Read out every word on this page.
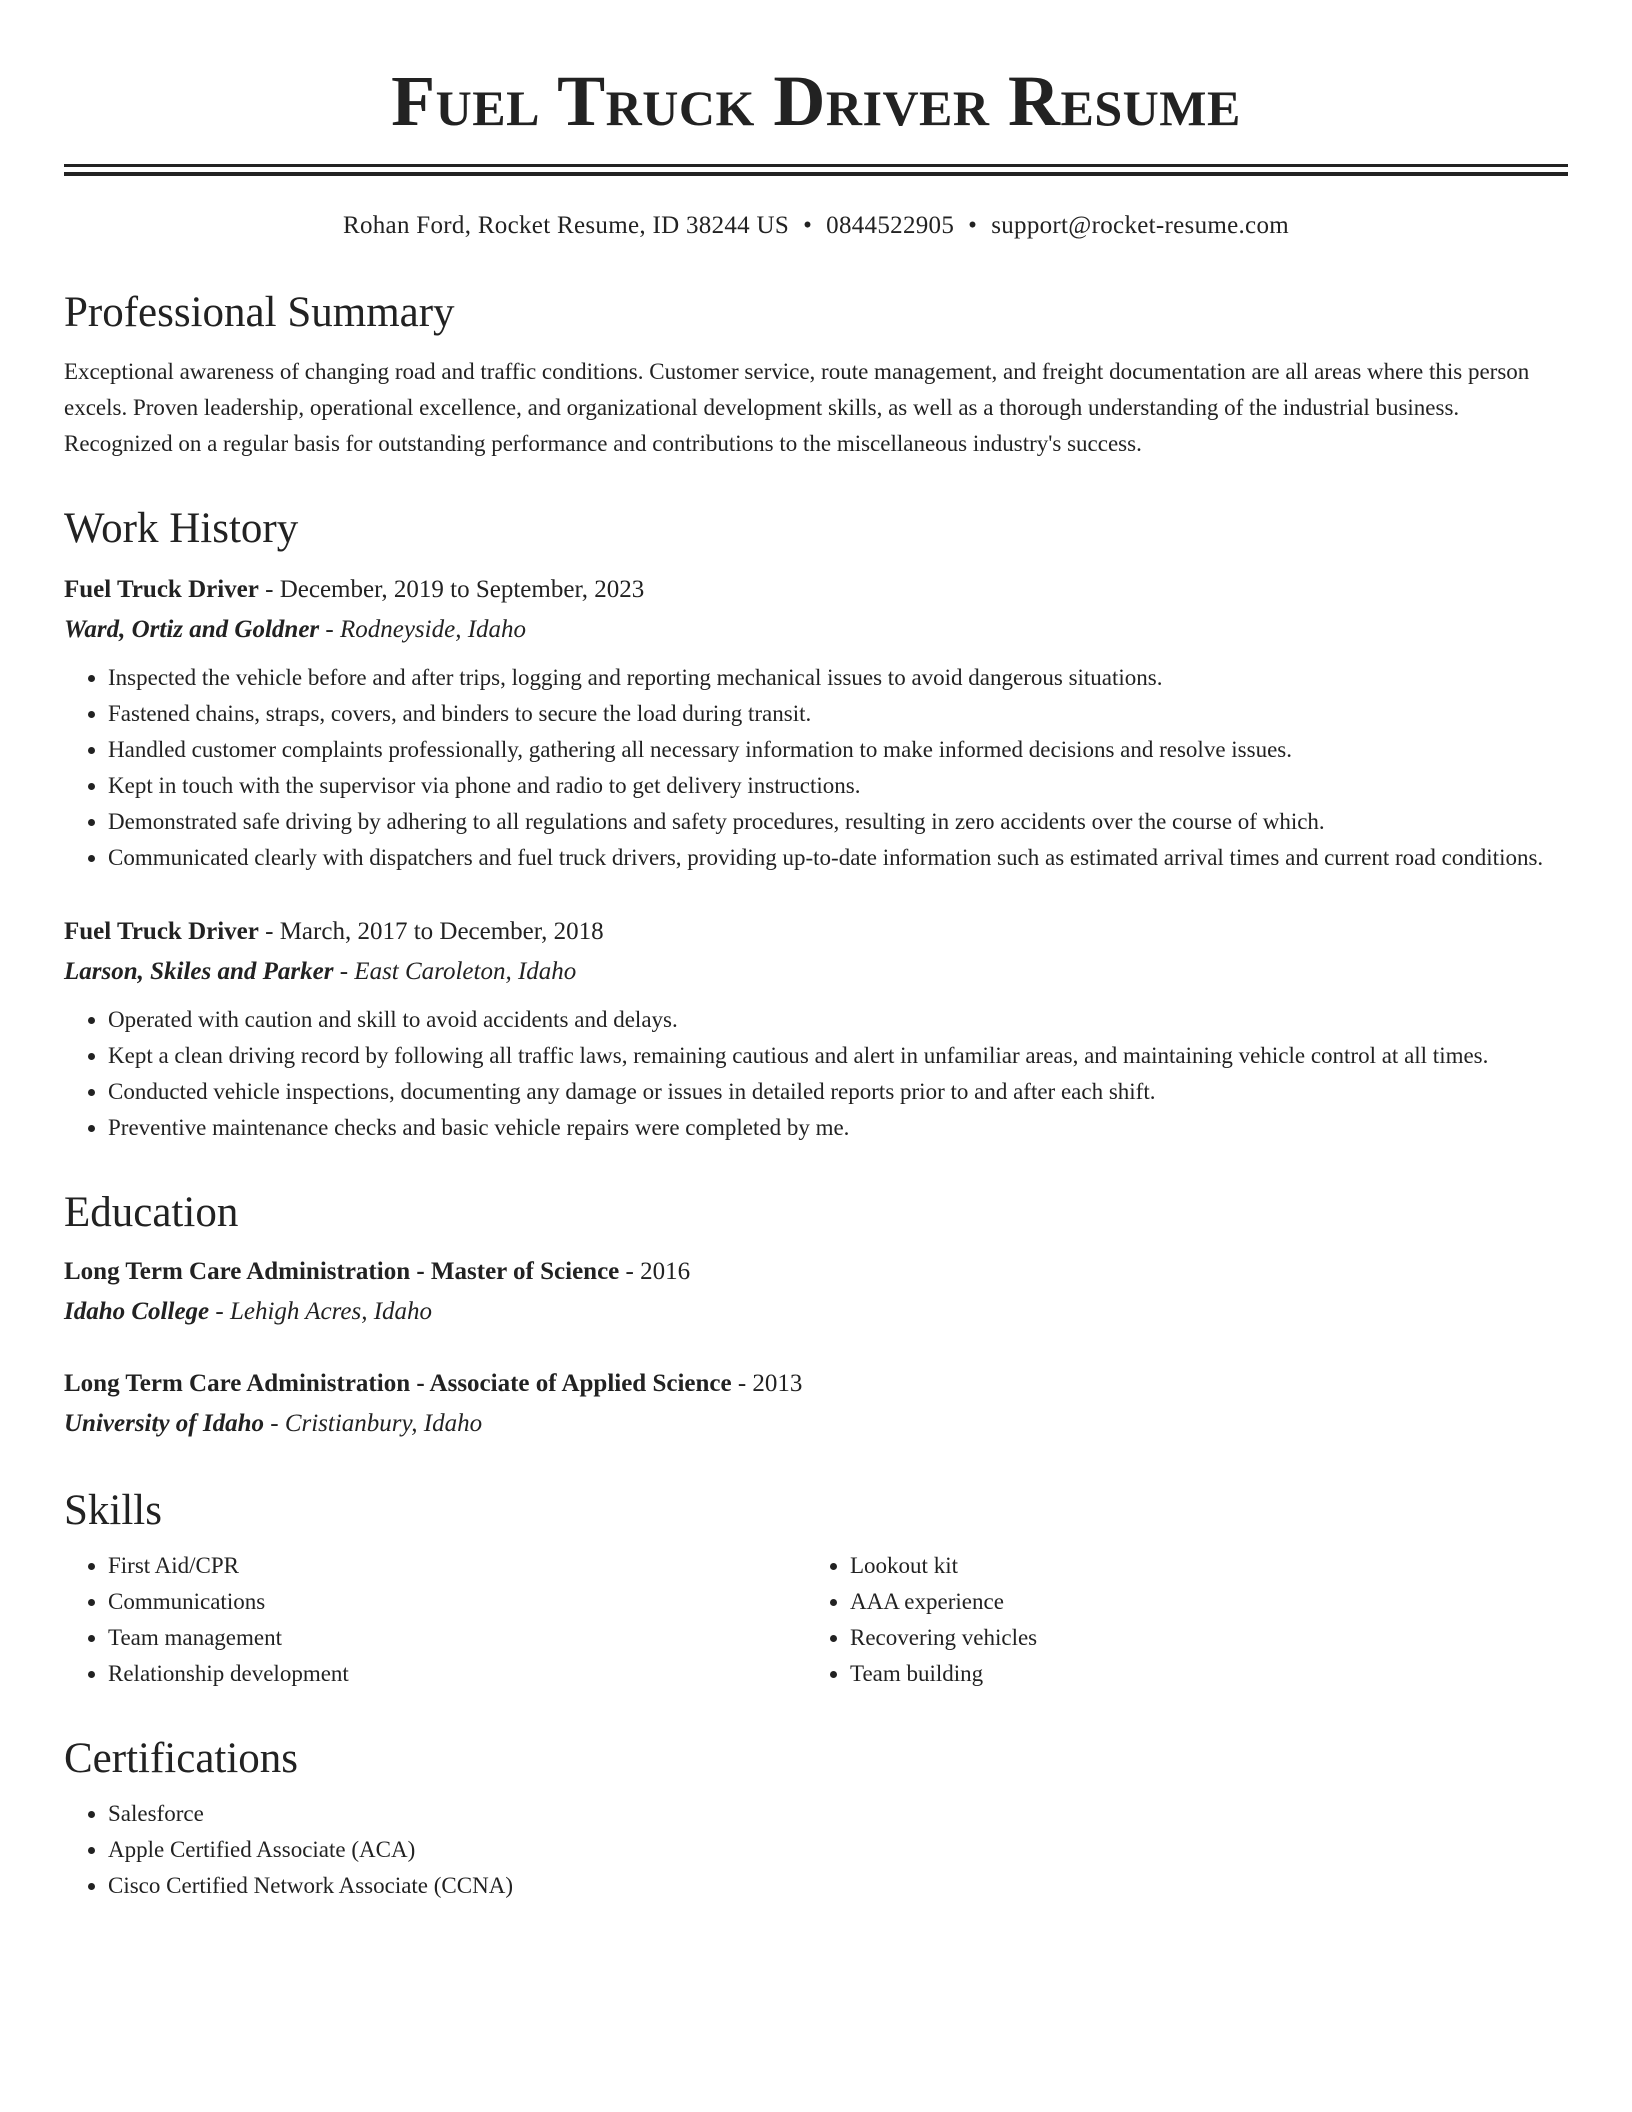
Fuel Truck Driver Resume
Rohan Ford, Rocket Resume, ID 38244 US • 0844522905 • support@rocket-resume.com
Professional Summary
Exceptional awareness of changing road and traffic conditions. Customer service, route management, and freight documentation are all areas where this person excels. Proven leadership, operational excellence, and organizational development skills, as well as a thorough understanding of the industrial business. Recognized on a regular basis for outstanding performance and contributions to the miscellaneous industry's success.
Work History
Fuel Truck Driver - December, 2019 to September, 2023
Ward, Ortiz and Goldner - Rodneyside, Idaho
• Inspected the vehicle before and after trips, logging and reporting mechanical issues to avoid dangerous situations.
• Fastened chains, straps, covers, and binders to secure the load during transit.
• Handled customer complaints professionally, gathering all necessary information to make informed decisions and resolve issues.
• Kept in touch with the supervisor via phone and radio to get delivery instructions.
• Demonstrated safe driving by adhering to all regulations and safety procedures, resulting in zero accidents over the course of which.
• Communicated clearly with dispatchers and fuel truck drivers, providing up-to-date information such as estimated arrival times and current road conditions.
Fuel Truck Driver - March, 2017 to December, 2018
Larson, Skiles and Parker - East Caroleton, Idaho
• Operated with caution and skill to avoid accidents and delays.
• Kept a clean driving record by following all traffic laws, remaining cautious and alert in unfamiliar areas, and maintaining vehicle control at all times.
• Conducted vehicle inspections, documenting any damage or issues in detailed reports prior to and after each shift.
• Preventive maintenance checks and basic vehicle repairs were completed by me.
Education
Long Term Care Administration - Master of Science - 2016
Idaho College - Lehigh Acres, Idaho
Long Term Care Administration - Associate of Applied Science - 2013
University of Idaho - Cristianbury, Idaho
Skills
• First Aid/CPR
• Communications
• Team management
• Relationship development
• Lookout kit
• AAA experience
• Recovering vehicles
• Team building
Certifications
• Salesforce
• Apple Certified Associate (ACA)
• Cisco Certified Network Associate (CCNA)
